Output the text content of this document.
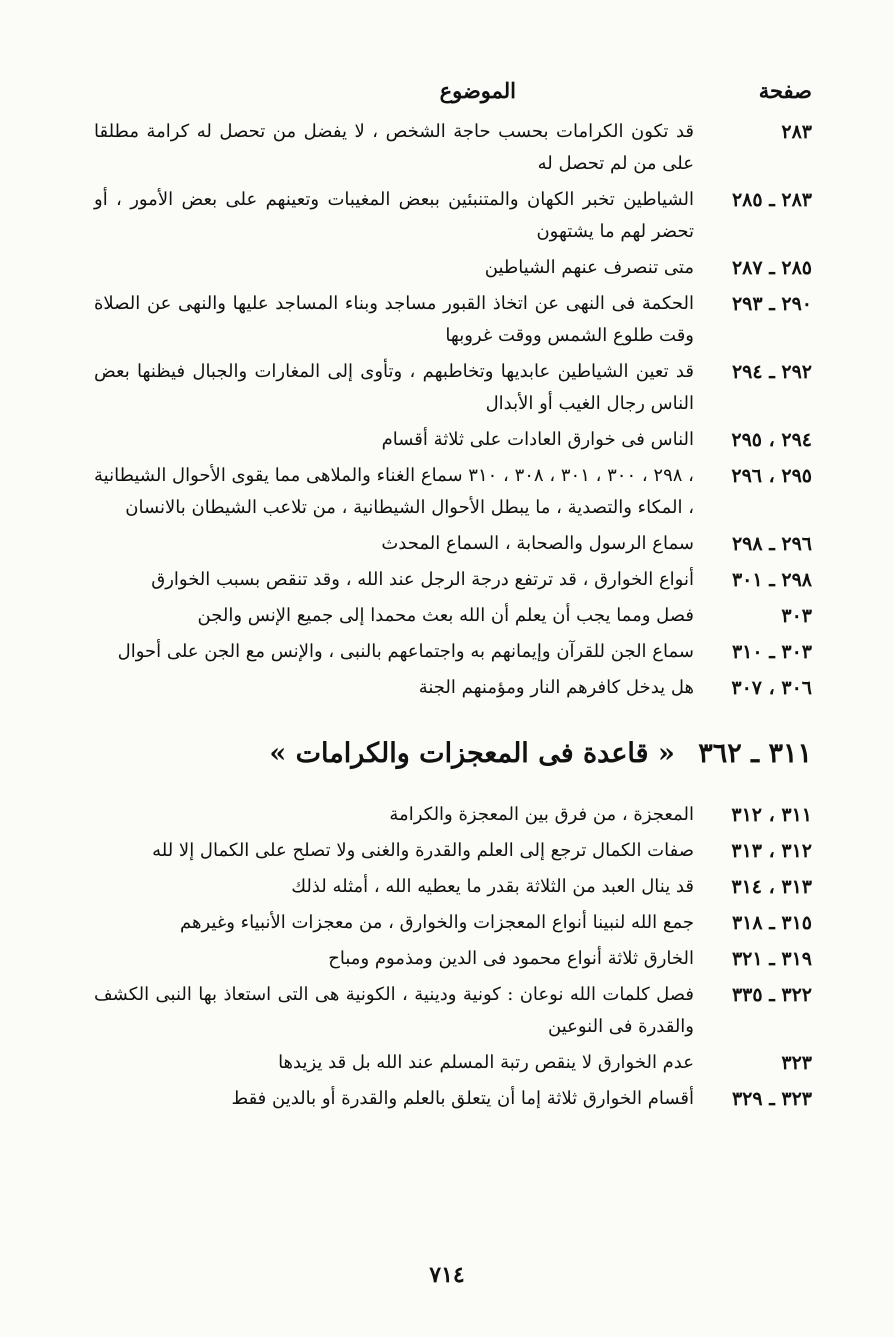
صفحة
الموضوع
٢٨٣
قد تكون الكرامات بحسب حاجة الشخص ، لا يفضل من تحصل له كرامة مطلقا على من لم تحصل له
٢٨٣ ـ ٢٨٥
الشياطين تخبر الكهان والمتنبئين ببعض المغيبات وتعينهم على بعض الأمور ، أو تحضر لهم ما يشتهون
٢٨٥ ـ ٢٨٧
متى تنصرف عنهم الشياطين
٢٩٠ ـ ٢٩٣
الحكمة فى النهى عن اتخاذ القبور مساجد وبناء المساجد عليها والنهى عن الصلاة وقت طلوع الشمس ووقت غروبها
٢٩٢ ـ ٢٩٤
قد تعين الشياطين عابديها وتخاطبهم ، وتأوى إلى المغارات والجبال فيظنها بعض الناس رجال الغيب أو الأبدال
٢٩٤ ، ٢٩٥
الناس فى خوارق العادات على ثلاثة أقسام
٢٩٥ ، ٢٩٦
، ٢٩٨ ، ٣٠٠ ، ٣٠١ ، ٣٠٨ ، ٣١٠ سماع الغناء والملاهى مما يقوى الأحوال الشيطانية ، المكاء والتصدية ، ما يبطل الأحوال الشيطانية ، من تلاعب الشيطان بالانسان
٢٩٦ ـ ٢٩٨
سماع الرسول والصحابة ، السماع المحدث
٢٩٨ ـ ٣٠١
أنواع الخوارق ، قد ترتفع درجة الرجل عند الله ، وقد تنقص بسبب الخوارق
٣٠٣
فصل ومما يجب أن يعلم أن الله بعث محمدا إلى جميع الإنس والجن
٣٠٣ ـ ٣١٠
سماع الجن للقرآن وإيمانهم به واجتماعهم بالنبى ، والإنس مع الجن على أحوال
٣٠٦ ، ٣٠٧
هل يدخل كافرهم النار ومؤمنهم الجنة
٣١١ ـ ٣٦٢ « قاعدة فى المعجزات والكرامات »
٣١١ ، ٣١٢
المعجزة ، من فرق بين المعجزة والكرامة
٣١٢ ، ٣١٣
صفات الكمال ترجع إلى العلم والقدرة والغنى ولا تصلح على الكمال إلا لله
٣١٣ ، ٣١٤
قد ينال العبد من الثلاثة بقدر ما يعطيه الله ، أمثله لذلك
٣١٥ ـ ٣١٨
جمع الله لنبينا أنواع المعجزات والخوارق ، من معجزات الأنبياء وغيرهم
٣١٩ ـ ٣٢١
الخارق ثلاثة أنواع محمود فى الدين ومذموم ومباح
٣٢٢ ـ ٣٣٥
فصل كلمات الله نوعان : كونية ودينية ، الكونية هى التى استعاذ بها النبى الكشف والقدرة فى النوعين
٣٢٣
عدم الخوارق لا ينقص رتبة المسلم عند الله بل قد يزيدها
٣٢٣ ـ ٣٢٩
أقسام الخوارق ثلاثة إما أن يتعلق بالعلم والقدرة أو بالدين فقط
٧١٤
